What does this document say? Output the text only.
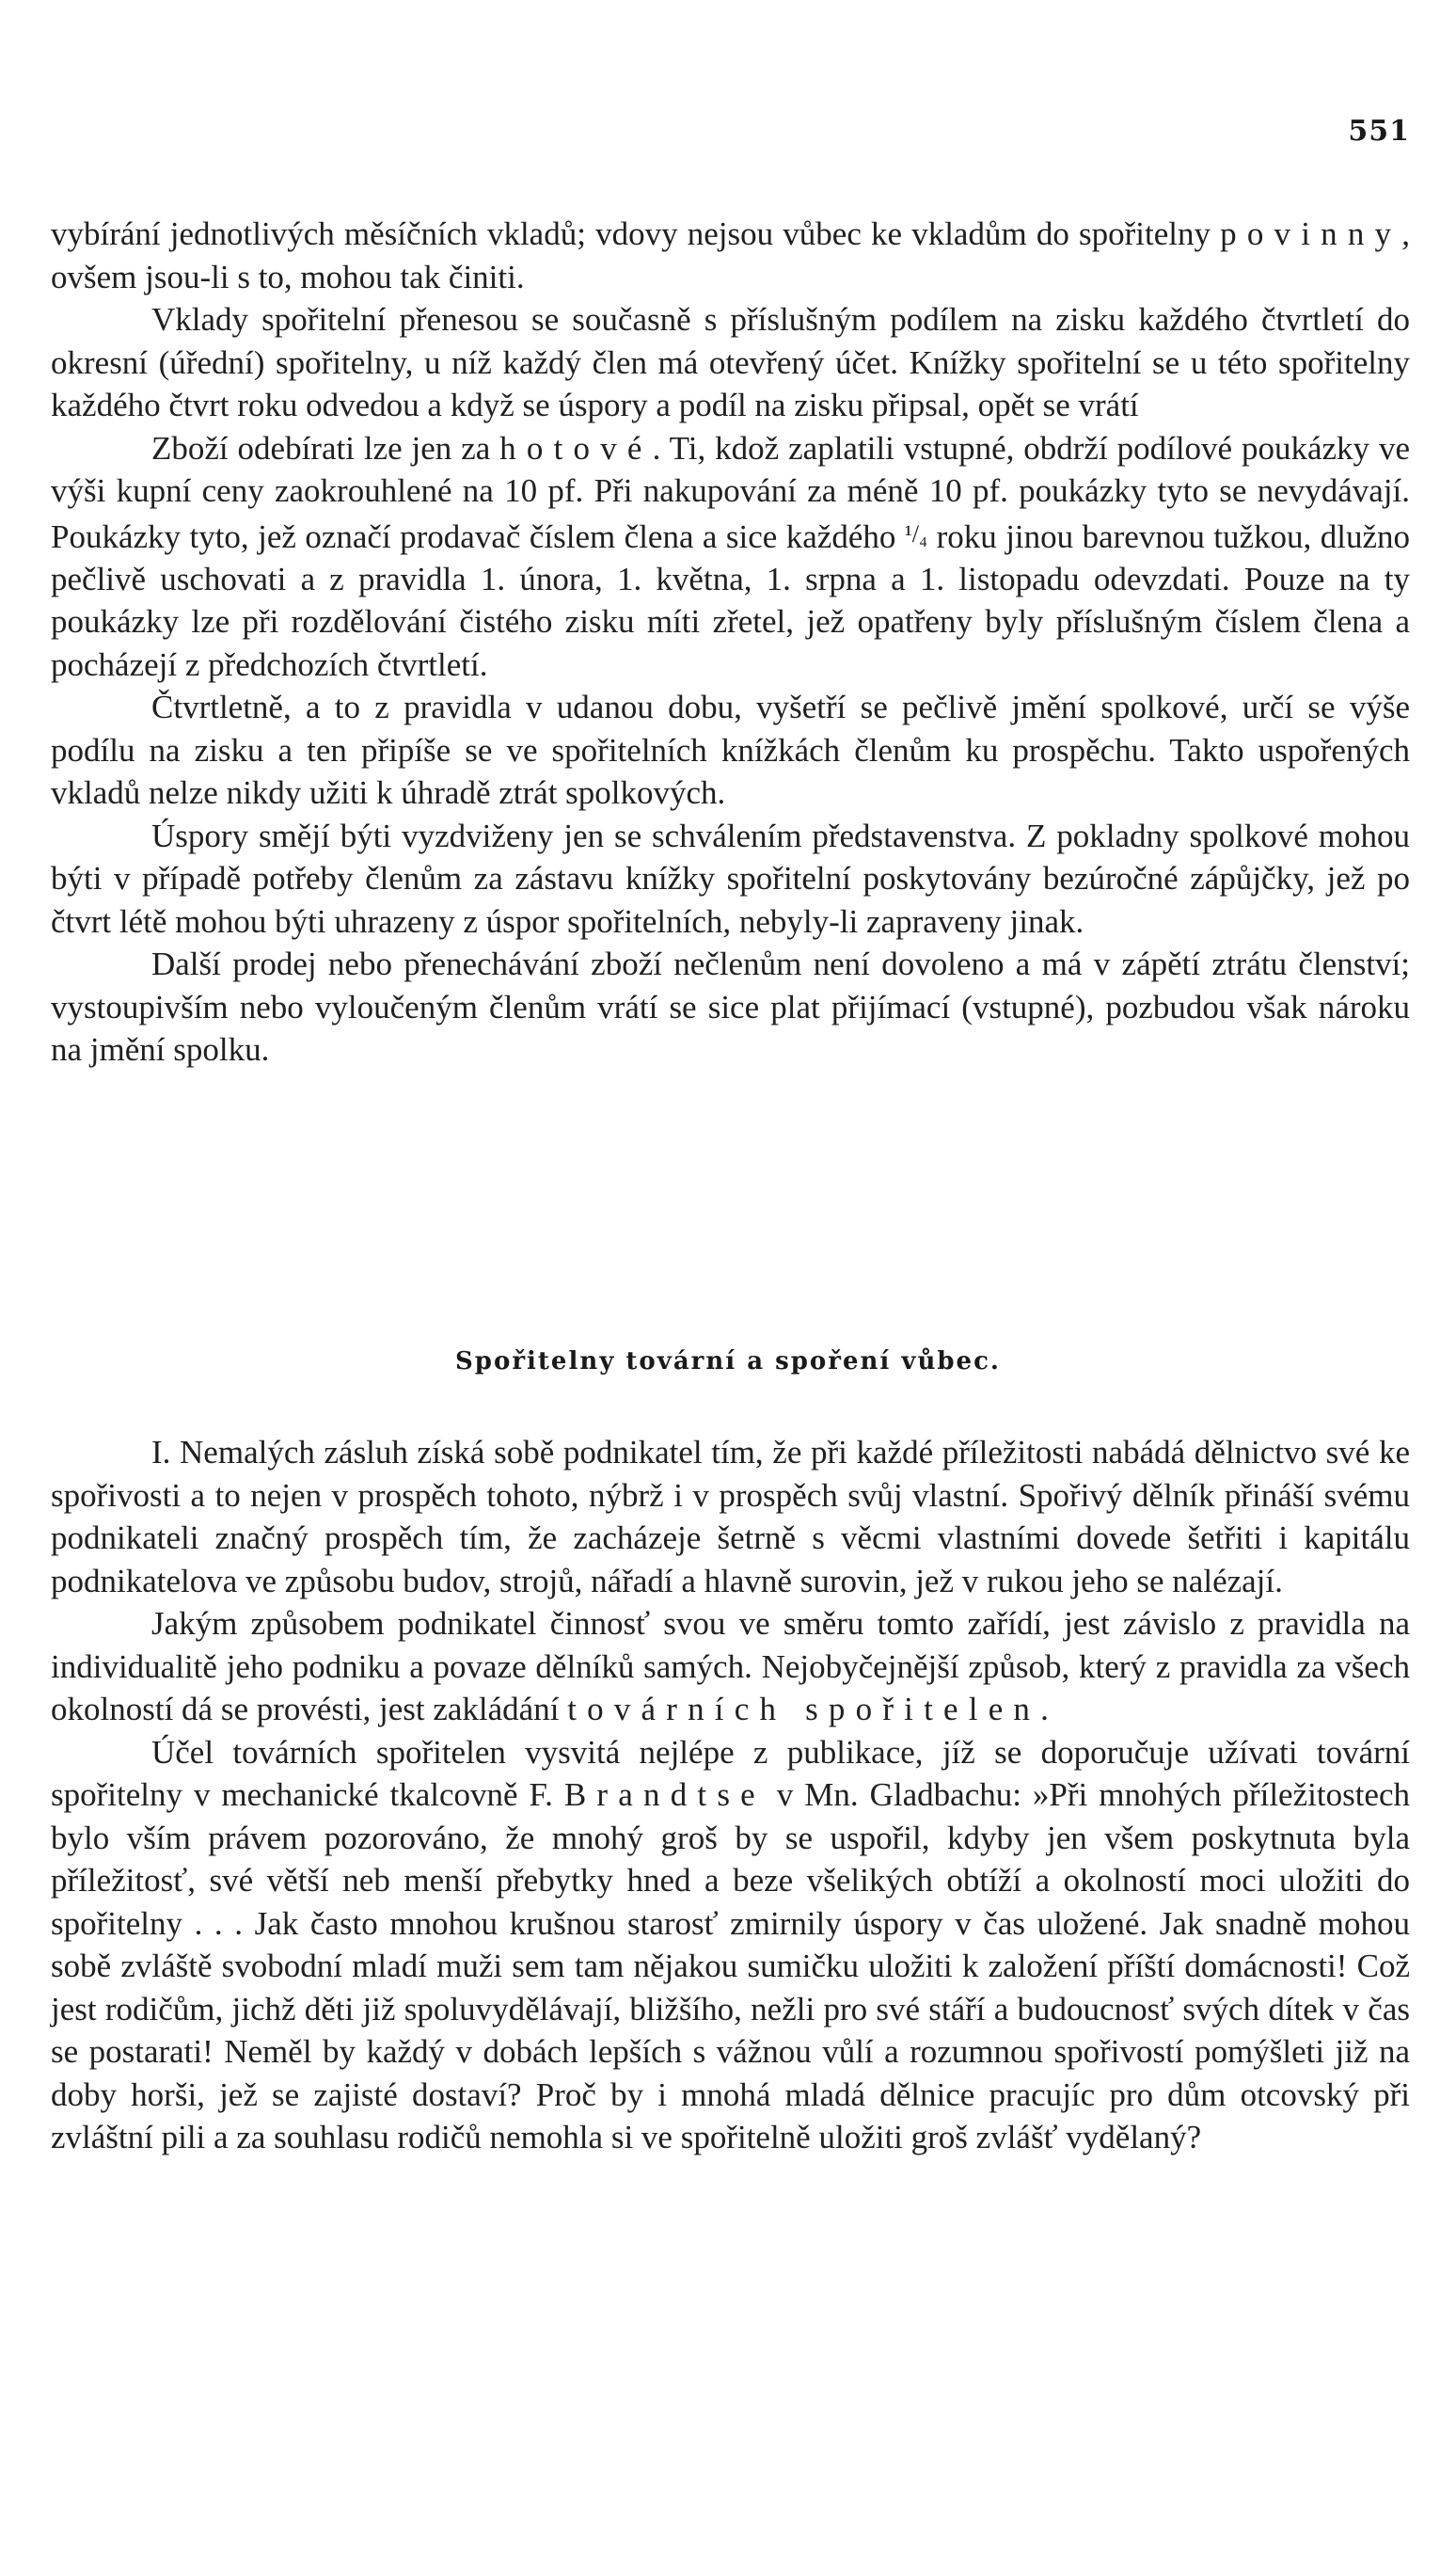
551

vybírání jednotlivých měsíčních vkladů; vdovy nejsou vůbec ke vkladům do spořitelny povinny, ovšem jsou-li s to, mohou tak činiti.

Vklady spořitelní přenesou se současně s příslušným podílem na zisku každého čtvrtletí do okresní (úřední) spořitelny, u níž každý člen má otevřený účet. Knížky spořitelní se u této spořitelny každého čtvrt roku odvedou a když se úspory a podíl na zisku připsal, opět se vrátí

Zboží odebírati lze jen za hotové. Ti, kdož zaplatili vstupné, obdrží podílové poukázky ve výši kupní ceny zaokrouhlené na 10 pf. Při nakupování za méně 10 pf. poukázky tyto se nevydávají. Poukázky tyto, jež označí prodavač číslem člena a sice každého ¹/₄ roku jinou barevnou tužkou, dlužno pečlivě uschovati a z pravidla 1. února, 1. května, 1. srpna a 1. listopadu odevzdati. Pouze na ty poukázky lze při rozdělování čistého zisku míti zřetel, jež opatřeny byly příslušným číslem člena a pocházejí z předchozích čtvrtletí.

Čtvrtletně, a to z pravidla v udanou dobu, vyšetří se pečlivě jmění spolkové, určí se výše podílu na zisku a ten připíše se ve spořitelních knížkách členům ku prospěchu. Takto uspořených vkladů nelze nikdy užiti k úhradě ztrát spolkových.

Úspory smějí býti vyzdviženy jen se schválením představenstva. Z pokladny spolkové mohou býti v případě potřeby členům za zástavu knížky spořitelní poskytovány bezúročné zápůjčky, jež po čtvrt létě mohou býti uhrazeny z úspor spořitelních, nebyly-li zapraveny jinak.

Další prodej nebo přenechávání zboží nečlenům není dovoleno a má v zápětí ztrátu členství; vystoupivším nebo vyloučeným členům vrátí se sice plat přijímací (vstupné), pozbudou však nároku na jmění spolku.

Spořitelny tovární a spoření vůbec.

I. Nemalých zásluh získá sobě podnikatel tím, že při každé příležitosti nabádá dělnictvo své ke spořivosti a to nejen v prospěch tohoto, nýbrž i v prospěch svůj vlastní. Spořivý dělník přináší svému podnikateli značný prospěch tím, že zacházeje šetrně s věcmi vlastními dovede šetřiti i kapitálu podnikatelova ve způsobu budov, strojů, nářadí a hlavně surovin, jež v rukou jeho se nalézají.

Jakým způsobem podnikatel činnosť svou ve směru tomto zařídí, jest závislo z pravidla na individualitě jeho podniku a povaze dělníků samých. Nejobyčejnější způsob, který z pravidla za všech okolností dá se provésti, jest zakládání továrních spořitelen.

Účel továrních spořitelen vysvitá nejlépe z publikace, jíž se doporučuje užívati tovární spořitelny v mechanické tkalcovně F. Brandtse v Mn. Gladbachu: »Při mnohých příležitostech bylo vším právem pozorováno, že mnohý groš by se uspořil, kdyby jen všem poskytnuta byla příležitosť, své větší neb menší přebytky hned a beze všelikých obtíží a okolností moci uložiti do spořitelny . . . Jak často mnohou krušnou starosť zmirnily úspory v čas uložené. Jak snadně mohou sobě zvláště svobodní mladí muži sem tam nějakou sumičku uložiti k založení příští domácnosti! Což jest rodičům, jichž děti již spoluvydělávají, bližšího, nežli pro své stáří a budoucnosť svých dítek v čas se postarati! Neměl by každý v dobách lepších s vážnou vůlí a rozumnou spořivostí pomýšleti již na doby horši, jež se zajisté dostaví? Proč by i mnohá mladá dělnice pracujíc pro dům otcovský při zvláštní pili a za souhlasu rodičů nemohla si ve spořitelně uložiti groš zvlášť vydělaný?
